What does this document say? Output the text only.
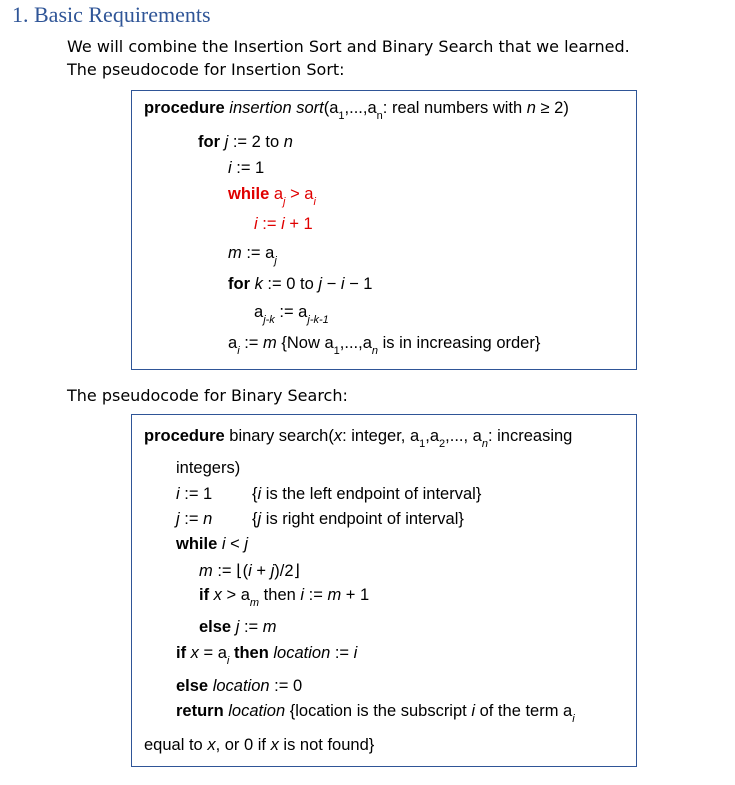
1. Basic Requirements
We will combine the Insertion Sort and Binary Search that we learned.
The pseudocode for Insertion Sort:
procedure insertion $sort(a_1,...,a_n$: real numbers with n ≥ 2)
for j := 2 to n
i := 1
while $a_j > a_i$
i := i + 1
m := $a_j$
for k := 0 to j − i − 1
$a_{j-k}$ := $a_{j-k-1}$
$a_i$ := m {Now $a_1,...,a_n$ is in increasing order}
The pseudocode for Binary Search:
procedure binary search(x: integer, $a_1,a_2$,..., $a_n$: increasing
integers)
i := 1 {i is the left endpoint of interval}
j := n {j is right endpoint of interval}
while i < j
m := ⌊(i + j)/2⌋
if $x > a_m$ then i := m + 1
else j := m
if $x = a_i$ then location := i
else location := 0
return location {location is the subscript i of the term $a_i$
equal to x, or 0 if x is not found}
